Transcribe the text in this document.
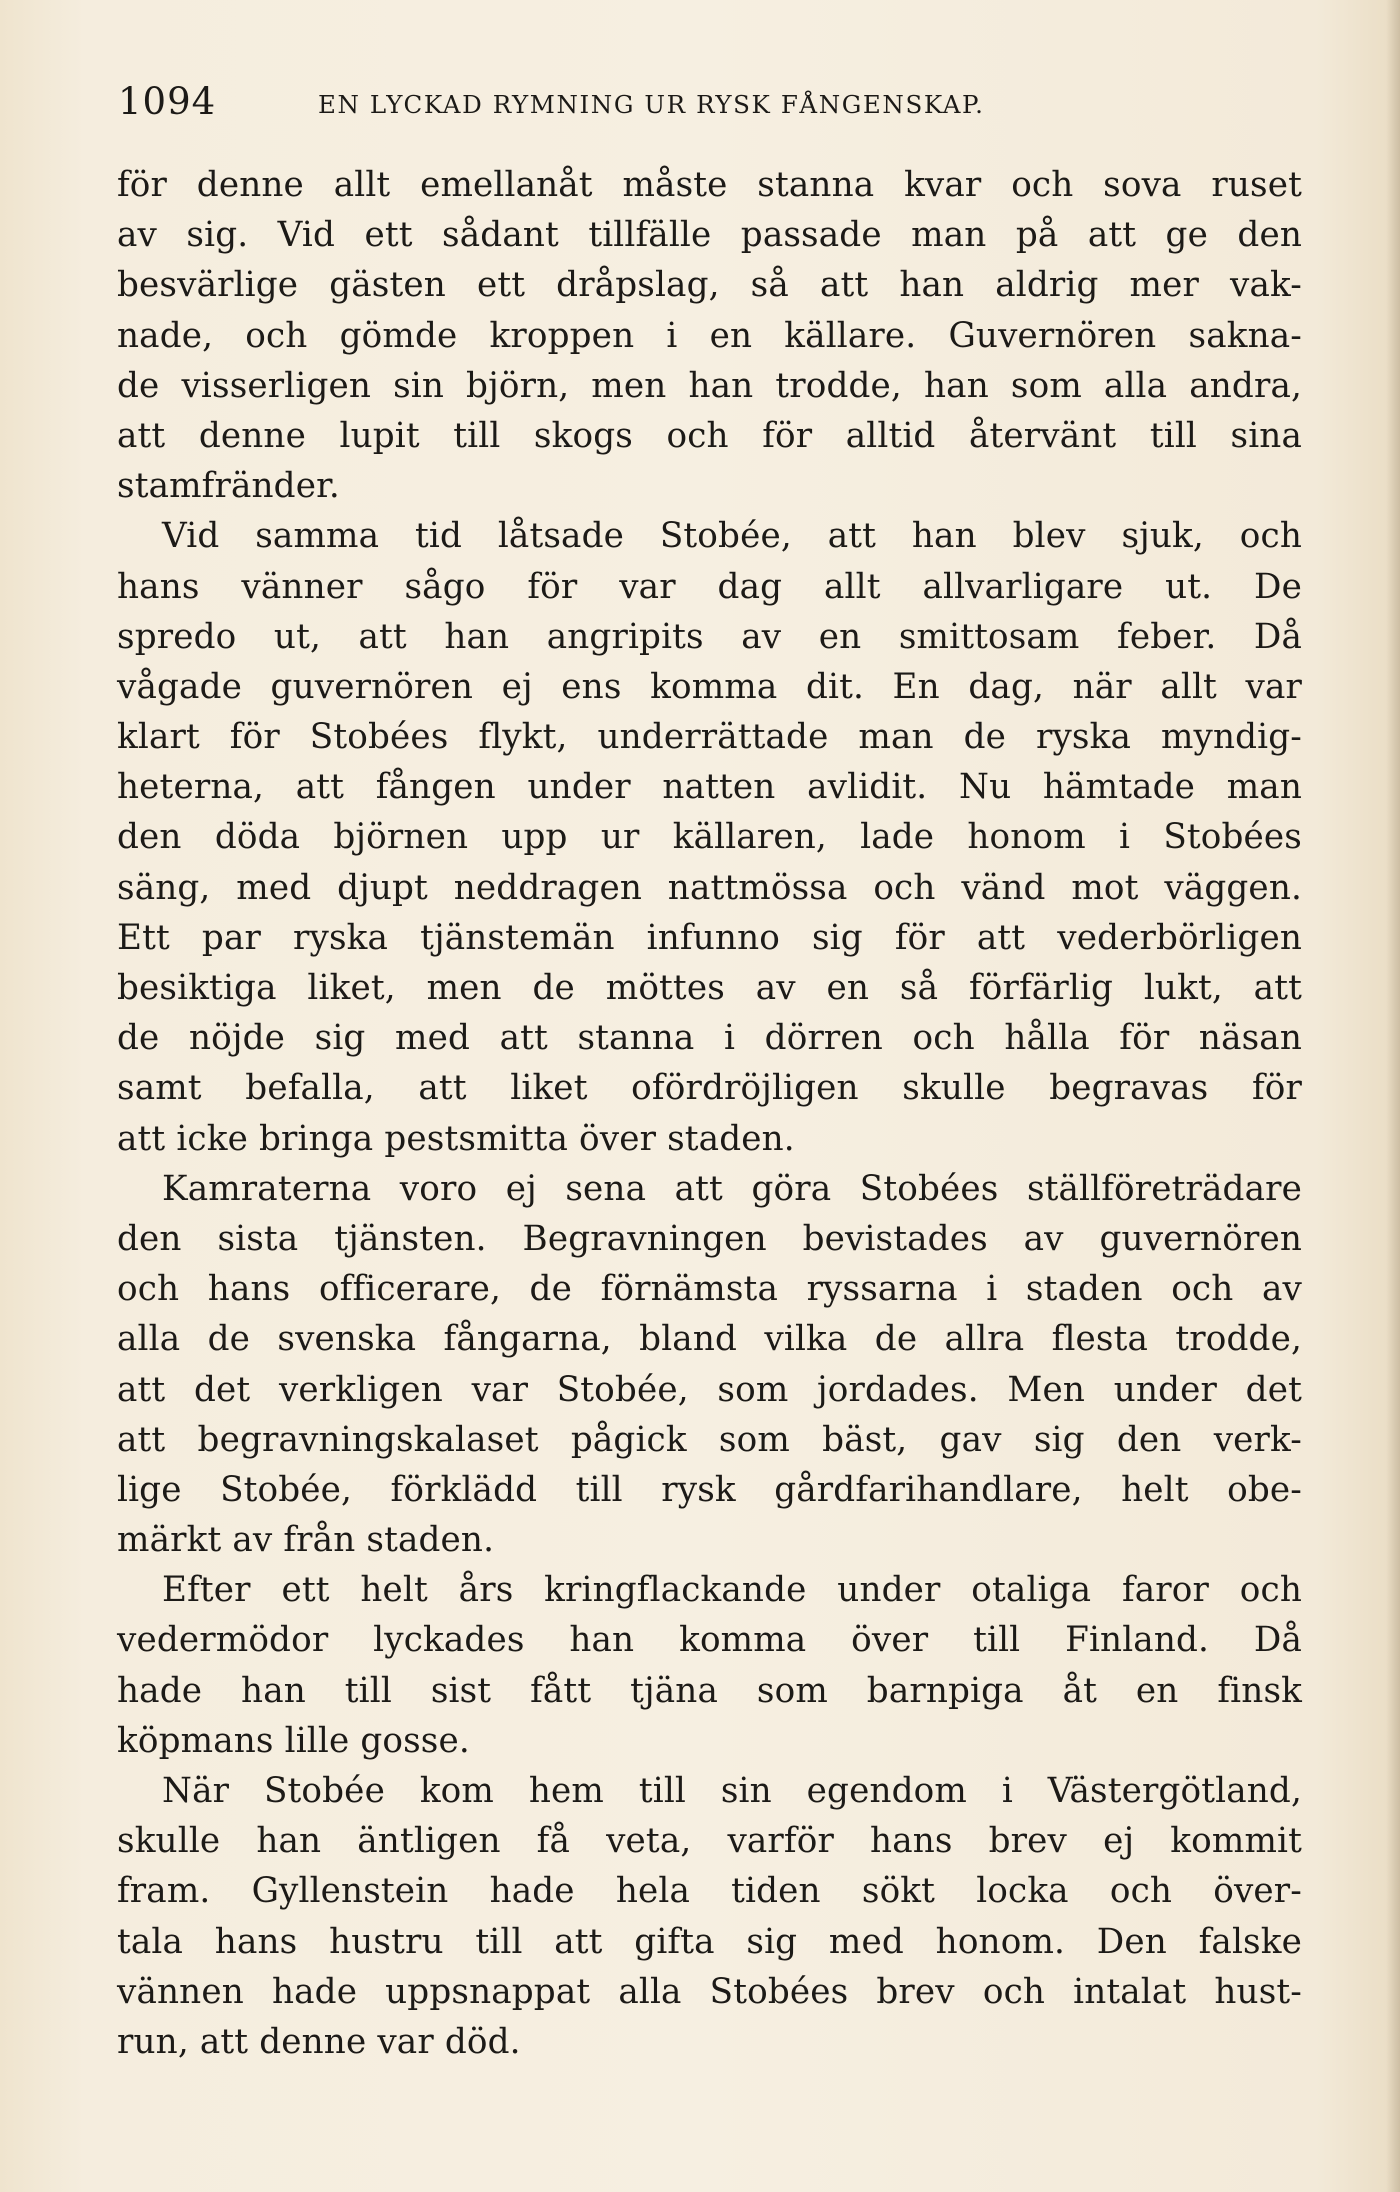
1094	EN LYCKAD RYMNING UR RYSK FÅNGENSKAP.
för denne allt emellanåt måste stanna kvar och sova ruset
av sig. Vid ett sådant tillfälle passade man på att ge den
besvärlige gästen ett dråpslag, så att han aldrig mer vak-
nade, och gömde kroppen i en källare. Guvernören sakna-
de visserligen sin björn, men han trodde, han som alla andra,
att denne lupit till skogs och för alltid återvänt till sina
stamfränder.
Vid samma tid låtsade Stobée, att han blev sjuk, och
hans vänner sågo för var dag allt allvarligare ut. De
spredo ut, att han angripits av en smittosam feber. Då
vågade guvernören ej ens komma dit. En dag, när allt var
klart för Stobées flykt, underrättade man de ryska myndig-
heterna, att fången under natten avlidit. Nu hämtade man
den döda björnen upp ur källaren, lade honom i Stobées
säng, med djupt neddragen nattmössa och vänd mot väggen.
Ett par ryska tjänstemän infunno sig för att vederbörligen
besiktiga liket, men de möttes av en så förfärlig lukt, att
de nöjde sig med att stanna i dörren och hålla för näsan
samt befalla, att liket ofördröjligen skulle begravas för
att icke bringa pestsmitta över staden.
Kamraterna voro ej sena att göra Stobées ställföreträdare
den sista tjänsten. Begravningen bevistades av guvernören
och hans officerare, de förnämsta ryssarna i staden och av
alla de svenska fångarna, bland vilka de allra flesta trodde,
att det verkligen var Stobée, som jordades. Men under det
att begravningskalaset pågick som bäst, gav sig den verk-
lige Stobée, förklädd till rysk gårdfarihandlare, helt obe-
märkt av från staden.
Efter ett helt års kringflackande under otaliga faror och
vedermödor lyckades han komma över till Finland. Då
hade han till sist fått tjäna som barnpiga åt en finsk
köpmans lille gosse.
När Stobée kom hem till sin egendom i Västergötland,
skulle han äntligen få veta, varför hans brev ej kommit
fram. Gyllenstein hade hela tiden sökt locka och över-
tala hans hustru till att gifta sig med honom. Den falske
vännen hade uppsnappat alla Stobées brev och intalat hust-
run, att denne var död.
